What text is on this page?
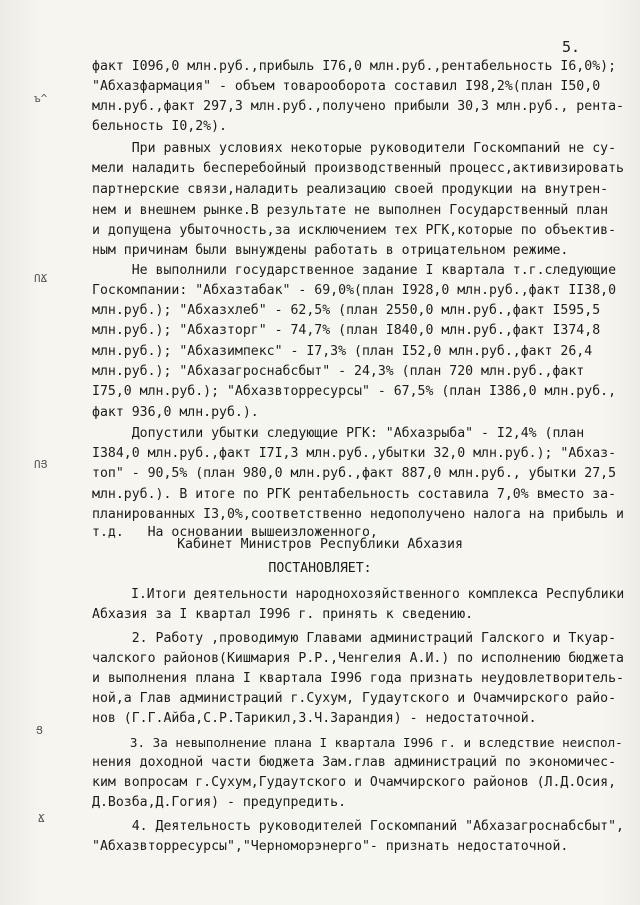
5.
ъ^
ՈՃ
ՈՅ
Ց
Ճ
факт I096,0 млн.руб.,прибыль I76,0 млн.руб.,рентабельность I6,0%);
"Абхазфармация" - объем товарооборота составил I98,2%(план I50,0
млн.руб.,факт 297,3 млн.руб.,получено прибыли 30,3 млн.руб., рента-
бельность I0,2%).
При равных условиях некоторые руководители Госкомпаний не су-
мели наладить бесперебойный производственный процесс,активизировать
партнерские связи,наладить реализацию своей продукции на внутрен-
нем и внешнем рынке.В результате не выполнен Государственный план
и допущена убыточность,за исключением тех РГК,которые по объектив-
ным причинам были вынуждены работать в отрицательном режиме.
Не выполнили государственное задание I квартала т.г.следующие
Госкомпании: "Абхазтабак" - 69,0%(план I928,0 млн.руб.,факт II38,0
млн.руб.); "Абхазхлеб" - 62,5% (план 2550,0 млн.руб.,факт I595,5
млн.руб.); "Абхазторг" - 74,7% (план I840,0 млн.руб.,факт I374,8
млн.руб.); "Абхазимпекс" - I7,3% (план I52,0 млн.руб.,факт 26,4
млн.руб.); "Абхазагроснабсбыт" - 24,3% (план 720 млн.руб.,факт
I75,0 млн.руб.); "Абхазвторресурсы" - 67,5% (план I386,0 млн.руб.,
факт 936,0 млн.руб.).
Допустили убытки следующие РГК: "Абхазрыба" - I2,4% (план
I384,0 млн.руб.,факт I7I,3 млн.руб.,убытки 32,0 млн.руб.); "Абхаз-
топ" - 90,5% (план 980,0 млн.руб.,факт 887,0 млн.руб., убытки 27,5
млн.руб.). В итоге по РГК рентабельность составила 7,0% вместо за-
планированных I3,0%,соответственно недополучено налога на прибыль и
т.д.   На основании вышеизложенного,
Кабинет Министров Республики Абхазия
ПОСТАНОВЛЯЕТ:
I.Итоги деятельности народнохозяйственного комплекса Республики
Абхазия за I квартал I996 г. принять к сведению.
2. Работу ,проводимую Главами администраций Галского и Ткуар-
чалского районов(Кишмария Р.Р.,Ченгелия А.И.) по исполнению бюджета
и выполнения плана I квартала I996 года признать неудовлетворитель-
ной,а Глав администраций г.Сухум, Гудаутского и Очамчирского райо-
нов (Г.Г.Айба,С.Р.Тарикил,З.Ч.Зарандия) - недостаточной.
3. За невыполнение плана I квартала I996 г. и вследствие неиспол-
нения доходной части бюджета Зам.глав администраций по экономичес-
ким вопросам г.Сухум,Гудаутского и Очамчирского районов (Л.Д.Осия,
Д.Возба,Д.Гогия) - предупредить.
4. Деятельность руководителей Госкомпаний "Абхазагроснабсбыт",
"Абхазвторресурсы","Черноморэнерго"- признать недостаточной.
